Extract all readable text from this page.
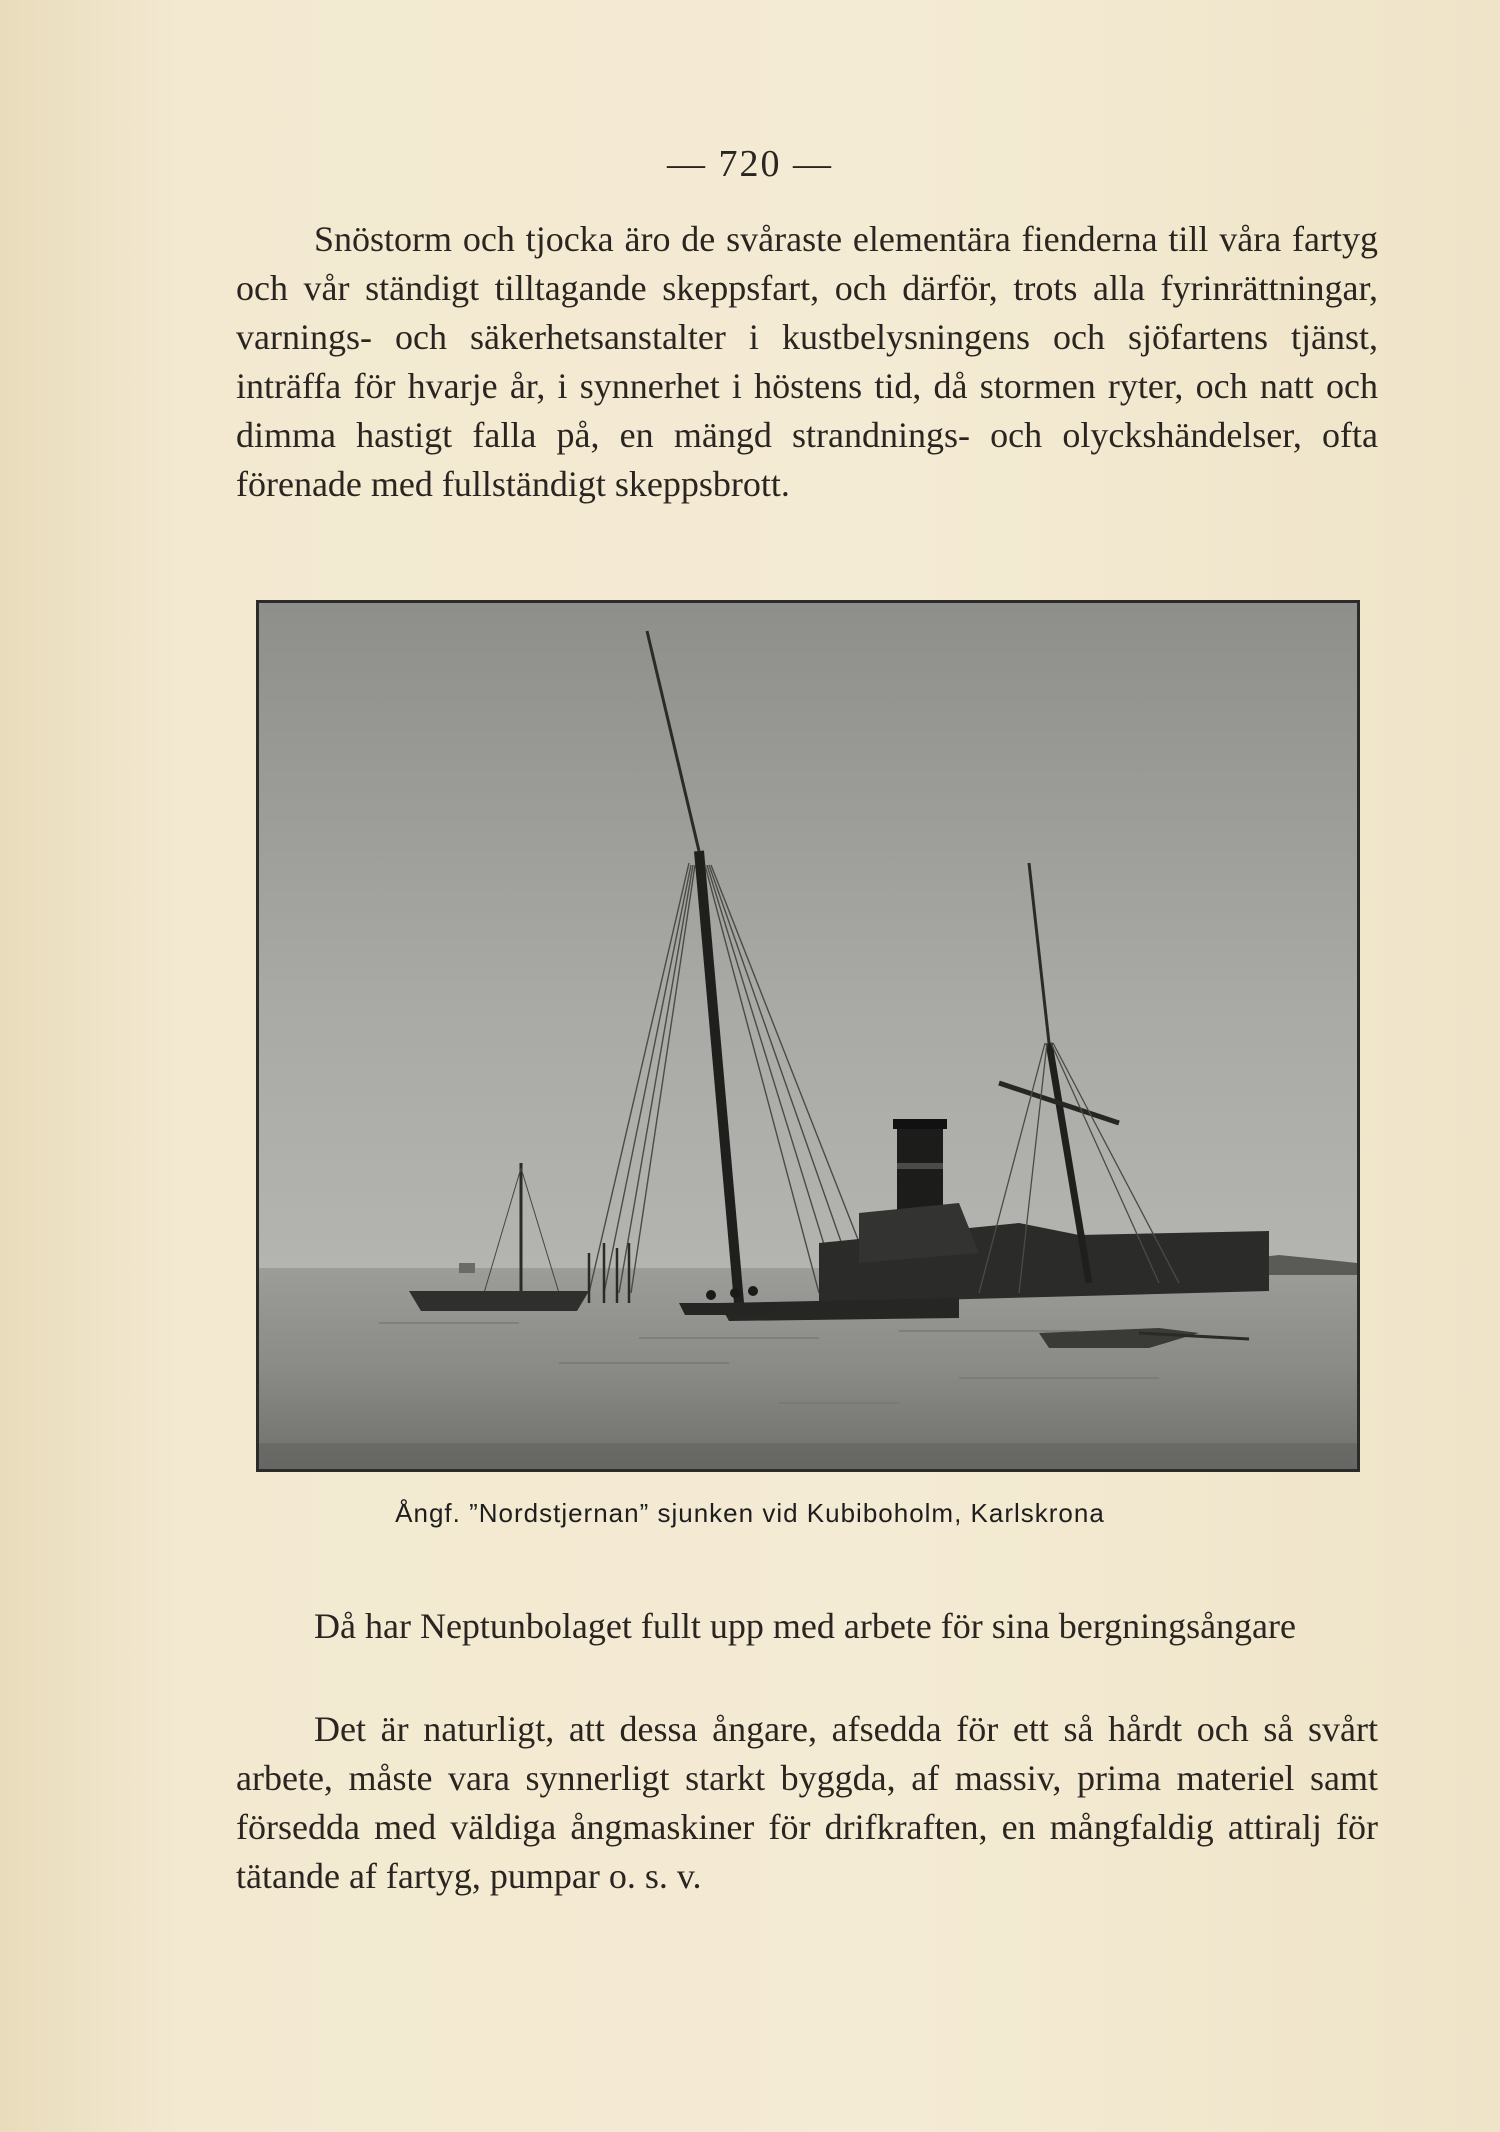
— 720 —

Snöstorm och tjocka äro de svåraste elementära fienderna till våra fartyg och vår ständigt tilltagande skeppsfart, och därför, trots alla fyrinrättningar, varnings- och säkerhetsanstalter i kustbelysningens och sjöfartens tjänst, inträffa för hvarje år, i synnerhet i höstens tid, då stormen ryter, och natt och dimma hastigt falla på, en mängd strandnings- och olyckshändelser, ofta förenade med fullständigt skeppsbrott.

Ångf. ”Nordstjernan” sjunken vid Kubiboholm, Karlskrona

Då har Neptunbolaget fullt upp med arbete för sina bergningsångare

Det är naturligt, att dessa ångare, afsedda för ett så hårdt och så svårt arbete, måste vara synnerligt starkt byggda, af massiv, prima materiel samt försedda med väldiga ångmaskiner för drifkraften, en mångfaldig attiralj för tätande af fartyg, pumpar o. s. v.
